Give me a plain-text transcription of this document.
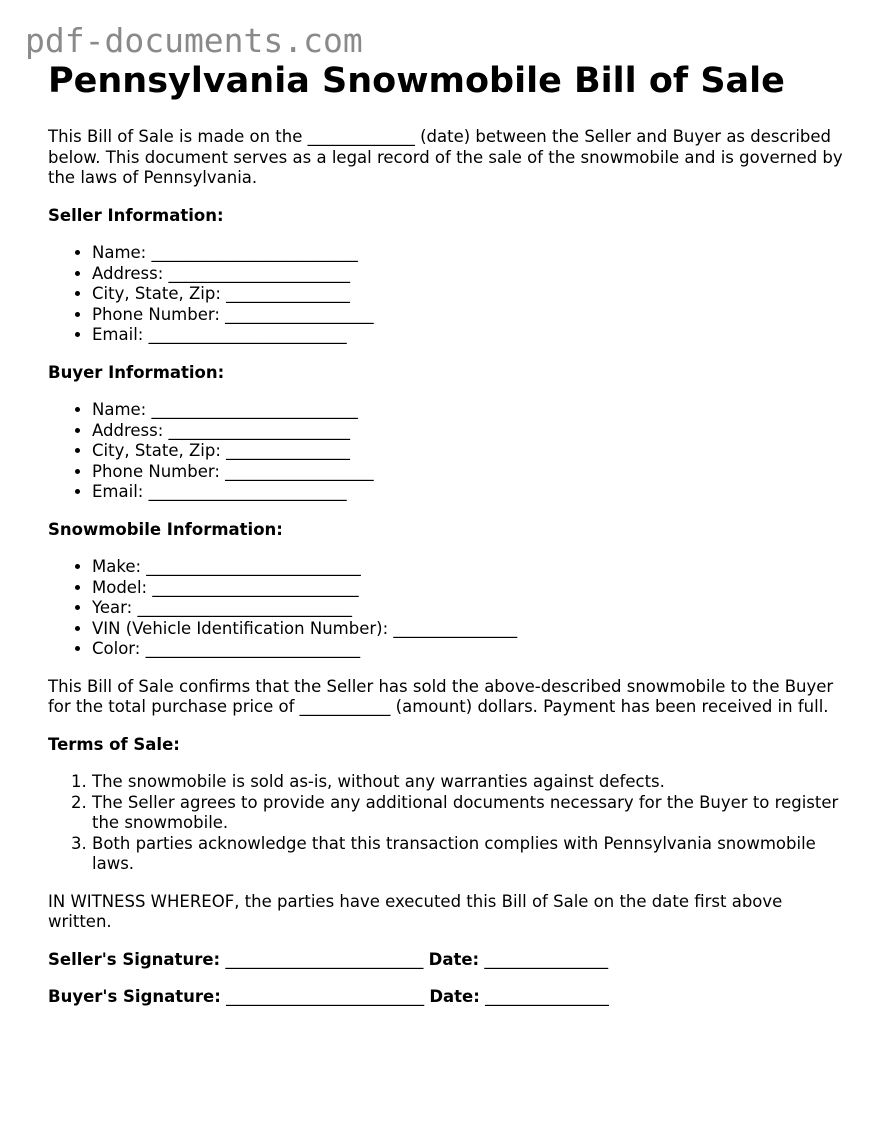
pdf-documents.com
Pennsylvania Snowmobile Bill of Sale

This Bill of Sale is made on the _____________ (date) between the Seller and Buyer as described below. This document serves as a legal record of the sale of the snowmobile and is governed by the laws of Pennsylvania.

Seller Information:
• Name: _________________________
• Address: ______________________
• City, State, Zip: _______________
• Phone Number: __________________
• Email: ________________________
Buyer Information:
• Name: _________________________
• Address: ______________________
• City, State, Zip: _______________
• Phone Number: __________________
• Email: ________________________
Snowmobile Information:
• Make: __________________________
• Model: _________________________
• Year: __________________________
• VIN (Vehicle Identification Number): _______________
• Color: __________________________

This Bill of Sale confirms that the Seller has sold the above-described snowmobile to the Buyer for the total purchase price of ___________ (amount) dollars. Payment has been received in full.

Terms of Sale:
1. The snowmobile is sold as-is, without any warranties against defects.
2. The Seller agrees to provide any additional documents necessary for the Buyer to register the snowmobile.
3. Both parties acknowledge that this transaction complies with Pennsylvania snowmobile laws.

IN WITNESS WHEREOF, the parties have executed this Bill of Sale on the date first above written.

Seller's Signature: ________________________ Date: _______________
Buyer's Signature: ________________________ Date: _______________
